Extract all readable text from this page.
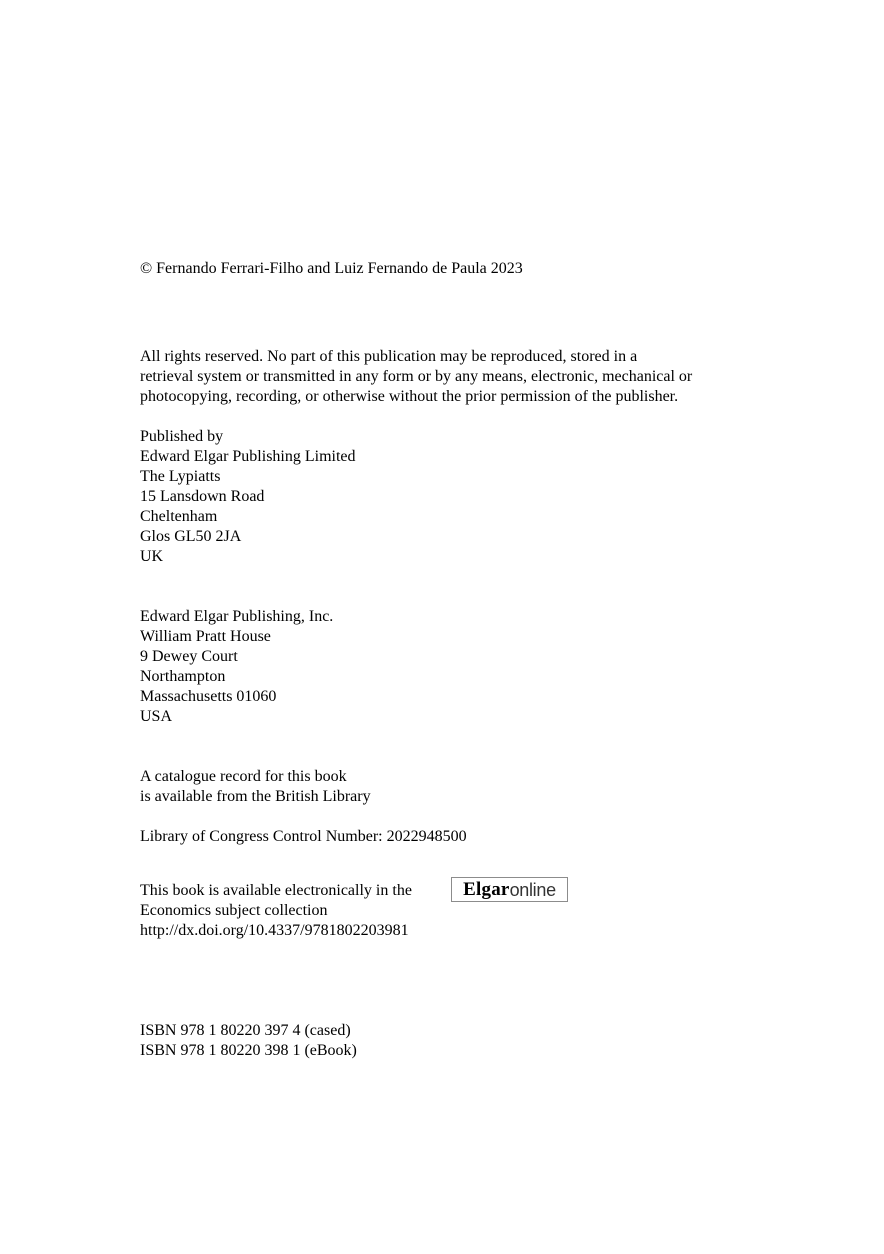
© Fernando Ferrari-Filho and Luiz Fernando de Paula 2023
All rights reserved. No part of this publication may be reproduced, stored in a
retrieval system or transmitted in any form or by any means, electronic, mechanical or
photocopying, recording, or otherwise without the prior permission of the publisher.
Published by
Edward Elgar Publishing Limited
The Lypiatts
15 Lansdown Road
Cheltenham
Glos GL50 2JA
UK
Edward Elgar Publishing, Inc.
William Pratt House
9 Dewey Court
Northampton
Massachusetts 01060
USA
A catalogue record for this book
is available from the British Library
Library of Congress Control Number: 2022948500
This book is available electronically in the	Elgar online
Economics subject collection
http://dx.doi.org/10.4337/9781802203981
ISBN 978 1 80220 397 4 (cased)
ISBN 978 1 80220 398 1 (eBook)
